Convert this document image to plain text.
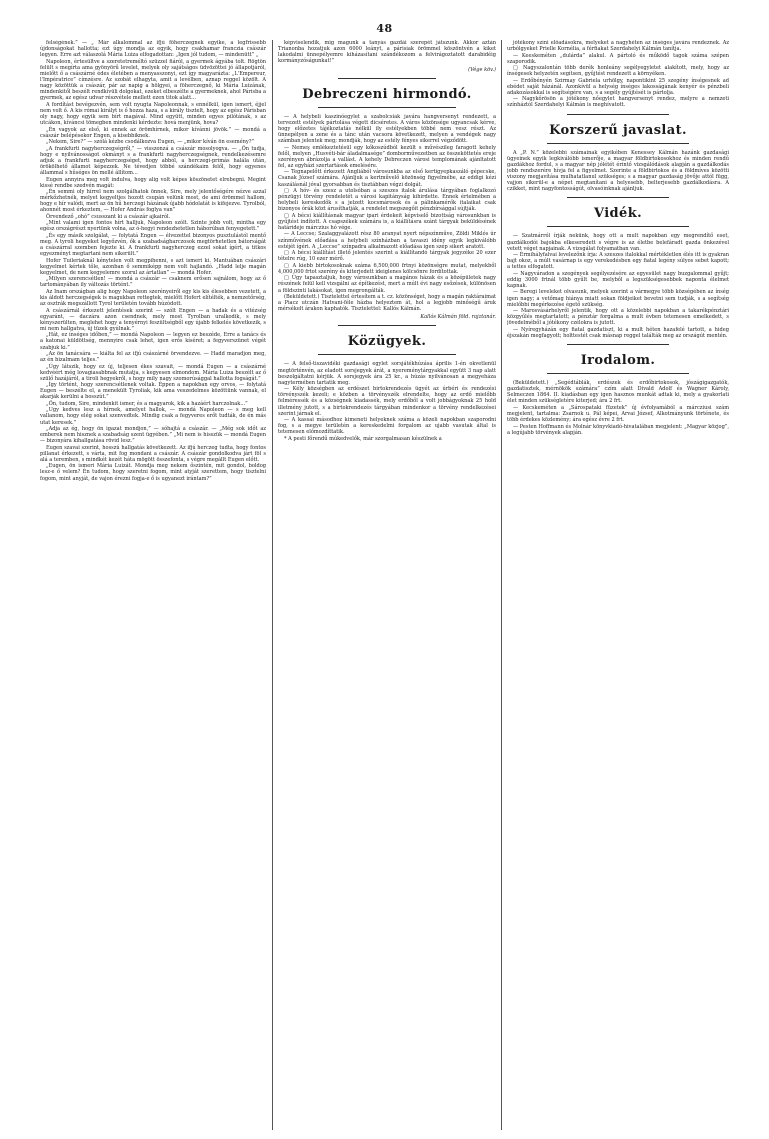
48

felségének.” — „ Már alkalommal az ifjú főherczegnek egyike, a legfrissebb újdonságokat hallotta; ezt úgy mondja az egyik, hogy csakhamar franczia császár legyen. Erre azt válaszolá Mária Luiza elfogadottan: „Igen jól tudom, — mindenütt” „

Napoleon, értesültve a szeretetreméltó szüzzel fiáról, a gyermek ágyába tolt. Rögtön felült s megírta ama gyönyörű levelet, melyek oly sajátságos üdvözöttei jó állapotjáról, mielőtt ő a császárné édes életében a menyasszonyi, ezt így magyarázta: „L'Empereur, l'Impératrice” címzésre. Az szobát elhagyta, amit a levélben, aznap reggel közölt. A nagy közöttük a császár, pár az napig a hölgyei, a föherczegnő, ki Mária Luizának, mindenkitől beszélt rendkívüli dolgokat, ezeket elbeszélte a gyermeknek, ahol Párisba a gyermek, az egész udvar részvétele mellett ezen titok alatt...

A fordítást bevégezvén, sem volt nyugta Napoleonnak, s ennélkül, igen ismert, éjjel nem volt ő. A kis római királyt is ő hozza haza, s a király tisztelt, hogy az egész Párisban oly nagy, hogy egyik sem bírt magával. Mind együtt, minden egyes pilótának, s az utcákon, kíváncsi tömegben mindenki kérdezte: hová menjünk, hova?

„Én vagyok az első, ki ennek az örömhírnek, mikor kívánni jövök.” — mondá a császár belépésekor Engen, a kisebbiknek.

„Nekem, Sire?” — szólá kézbe csodálkozva Eugen, — „mikor kíván ön esemény?”

„A frankfurti nagyherczegségről,” — visszonzá a császár mosolyogva. — „Ön tudja, hogy e nyilvánosságot okmányt s a frankfurti nagyherczegségnek, rendelkezésemre adjuk a frankfurti nagyherczegséget, hogy abból, a herczegi-primás halála után, örökölhető államot képezzek. Ne tévedjen többé szándékaim felől, hogy egyenes állammal s hűséges ön mellé állítom...

Eugen annyira meg volt indulva, hogy alig volt képes köszönetet elrebegni. Megint kissé rendbe szedvén magát:

„Én semmi oly hírrel nem szolgálhatok önnek, Sire, mely jelentőségére nézve azzal mérkőzhetnék, melyet kegyeltjes hozott csupán velünk most, de ami örömmel hallom, hogy e hír valódi, mert az ön hű herczegi házának újabb hódolatát is kifejezve. Tyrolból, ahonnét most érkeztem, — Hofer András foglya van”

Örvendező „ohó” csusszant ki a császár ajkairól.

„Mint valami igen fontos hírt halljuk, Napoleon szólt. Szinte jobb volt, mintha egy egész országrészt nyertünk volna, az ó-hegyi rendezhetetlen háborúban fenyegetett.”

„És egy másik szolgálat, — folytatá Engen — élvezettel bizonyos pusztulástól mentő meg. A tyroli hegyeket legyőzvén, ők a szabadságharczosok megtörhetetlen bátorságát a császárral szemben fejezte ki. A frankfurti nagyherczeg ezzel sokat ígért, a titkos egyezményt megtartani nem sikerült.”

Hofer Tuileriaknál kénytelen volt megpihenni, s azt ismeri ki. Mantuában császári kegyelmet kértek tőle, azonban ő semmiképp nem volt hajlandó. „Hadd lelje magán kegyelmet, de nem kegyelemre szorul az ártatlan” — mondá Hofer.

„Milyen szerencsétlen! — mondá a császár — csaknem erősen sajnálom, hogy az ő tartományában ily változás történt.”

Az Inam országban alig hogy Napoleon szerényeiről egy kis kis élesebben vezetett, a kis áldott herczegségek is magukban rettegtek, mielőtt Hofert elítélték, a nemzetőrség, az osztrák megszállott Tyrol területén tovább húzódott.

A császárnál érkezett jelentések szerint — szólt Engen — a hadak és a vitézség egyaránt, — daczára azon csendnek, mely most Tyrolban uralkodik, s mely kényszerülten, meglehet hogy a tenyérnyi feszültségből egy újabb felkelés következik, s mi nem hallgatva, új tüzek gyúlnak.”

„Hát, ez ínséges időben,” — mondá Napoleon — legyen ez beszéde, Erre a tanács és a katonai küldöttség, mennyire csak lehet, igen erős kíséret; a fegyverszünet végét szabjuk ki.”

„Az ön tanácsára — kiálta fel az ifjú császárné örvendezve. — Hadd maradjon meg, az én bizalmam teljes.”

„Úgy látszik, hogy ez új, teljesen ékes szavait, — mondá Eugen — a császárné kedvéért még lovagiasabbnak mutatja, s kegyesen elmondom. Mária Luiza beszélt az ő szülő hazájáról, a tiroli hegyekről, s hogy mily nagy szomorúsággal hallotta fogságát.”

„Így történt, hogy szerencsétlenek voltak. Éppen a napokban egy orvos, — folytatá Eugen — beszélte el, a menekült Tyroliak, kik ama veszedelmes közöttünk vannak, el akarják kerülni a bosszút.”

„Ön, tudom, Sire, mindenkit ismer, és a magyarok, kik a hazáért harczolnak...”

„Ugy kedves lesz a hírnek, amelyet hallok, — mondá Napoleon — s meg kell vallanom, hogy elég sokat szenvedtek. Mindig csak a fegyveres erőt tudták, de én más utat keresek.”

„Adja az ég, hogy ön igazat mondjon,” — sóhajtá a császár. — „Még sok időt az emberek nem hisznek a szabadság szent ügyében.” „Mi nem is hisszük — mondá Eugen — bizonyára kihallgatása rövid lesz.”

Eugen szavai szerint, hosszú hallgatás következett. Az ifjú herczeg tudta, hogy fontos pillanat érkezett, s várta, mit fog mondani a császár. A császár gondolkodva járt föl s alá a teremben, s mindkét kezét háta mögött összefonta, s végre megállt Eugen előtt.

„Eugen, ön ismeri Mária Luizát. Mondja meg nekem őszintén, mit gondol, boldog lesz-e ő velem? Én tudom, hogy szeretni fogom, mint atyját szerettem, hogy tisztelni fogom, mint anyját, de vajon érezni fogja-e ő is ugyanezt irántam?”

képviselendik, mig magunk a tanyás gazdái szerepét játszunk. Akkor aztán Trianonba hozatjuk azon 6000 leányt, a párisiak örömmel köszöntvén a kiket lakodalmi ünnepélyemre kiházasítani szándékozom a felvirágoztatott darabidéig kormányzóságunkat!”

(Vége köv.)
Debreczeni hirmondó.

— A helybeli kaszinóegylet a szabolcsiak javára hangversenyt rendezett, a tervezett estélyek pártolása végett dicséretes. A város közönsége ugyancsak kérve, hogy előzetes tájékoztatás nélkül ily estélyekben többé nem vesz részt. Az ünnepélyen a zene és a tánc után vacsora következett, melyen a vendégek nagy számban jelentek meg; mondják, hogy az estély fényes sikerrel végződött.

— Nemeş emlékeztetésül egy kőkoszúdból kezült s művészileg faragott kehely felől, melyen „Husvéti-bár áladalmasége” domborművezetben az összeköttetés ereje szerényen ábrázolja a vallást. A kehely Debreczen városi templomának ajánltatott fel, az egyházi szertartások emelésére.

— Tegnapelőtt érkezett Angliából városunkba az első kertigyepkaszáló gépecske, Csanak József számára. Ajánljuk a kertművelő közönség figyelmébe, az eddigi kézi kaszálásnál jóval gyorsabban és tisztábban végzi dolgát.

□ A hóv- és szesz a utolsóban a szeszes italok árulása tárgyában foglalkozó pénzügyi törvény rendeletét a városi kapitányság kihirdette. Ennek értelmében a helybeli kereskedők s a jelzett kocsmárosok és a pálinkamérők italaikat csak bizonyos órák közt árusíthatják, a rendelet megszegőit pénzbírsággal sújtják.

□ A bécsi kiállításnak magyar ipari érdekeit képviselő bizottság városunkban is gyűjtést indított. A csapszékek számára is, a kiállításra szánt tárgyak beküldésének határideje márczius hó vége.

— A Leccse; Szalaggyalázott rész 80 aranyat nyert népszínműve, Zöldi Miklós úr színművének előadása a helybeli színházban a tavaszi idény egyik legkiválóbb estéjét ígéri. A „Leccse” színpadra alkalmazott előadása igen szép sikert aratott.

□ A bécsi kiállítást illető jelentés szerint a kiállítandó tárgyak jegyzéke 20 ezer tételre rúg, 10 ezer mérő.

□ A kiebb birtokosoknak száma 6,500,000 frtnyi közönségre mutat, melyekből 4,000,000 frtot szerény és kiterjedett ideiglenes kölcsönre fordítottak.

□ Úgy tapasztaljuk, hogy városunkban a magános házak és a középületek nagy részének felül kell vizsgálni az építkezést, mert a múlt évi nagy esőzések, különösen a földszinti lakásokat, igen megrongálták.

(Beküldetett.) Tisztelettel értesítem a t. cz. közönséget, hogy a magán raktáraimat a Piacz utczán Hatvani-féle házba helyeztem át, hol a legjobb minőségű áruk mérsékelt árakon kaphatók. Tisztelettel: Kallós Kálmán.

Kallós Kálmán föld. rajztanár.
Közügyek.

— A felső-tiszavidéki gazdasági egylet sorsjátékhúzása április 1-én okvetlenül megtörténvén, az eladott sorsjegyek árát, a nyereménytárgyakkal együtt 3 nap alatt beszolgáltatni kérjük. A sorsjegyek ára 25 kr., a húzás nyilvánosan a megyeháza nagytermében tartatik meg.

— Kély községben az erdészet birtokrendezés ügyét az úrbéri és rendezési törvényszék kezeli; e közben a törvényszék elrendelte, hogy az erdő mielőbb felméressék és a községnek kiadassék, mely erdőből a volt jobbágyoknak 25 hold illetmény jutott, s a birtokrendezés tárgyában mindenkor a törvény rendelkezései szerint járnak el.

— A kassai másodhoz kimeneti helyeknek száma a közeli napokban szaporodni fog, s a megye területén a kereskedelmi forgalom az ujabb vasutak által is tetemesen előmozdíttatik.

* A pesti főrendű múkedvelők, már szorgalmasan készülnek a

jótékony színi előadásokra, melyeket a nagyhéten az ínséges javára rendeznek. Az urbólgyeket Prielle Kornélia, a férfiakat Szerdahelyi Kálmán tanítja.

— Keeskeméten „dulárda” alakul. A pártoló és működő tagok száma szépen szaporodik.

□ Nagyszalontán több derék honleány segélyegyletet alakított, mely, hogy az ínségesek helyzetén segítsen, gyűjtést rendezett a környéken.

— Erdőbényén Szirmay Gabriela urhölgy, napontikint 25 szegény ínségesnek ad ebédet saját házánál. Azonkívül a helység ínséges lakosságának kenyér és pénzbeli adakozásokkal is segítségére van, s a segély gyűjtését is pártolja.

— Nagykőrösön a jótékony nőegylet hangversenyt rendez, melyre a nemzeti színháztól Szerdahelyi Kálmán is meghívatott.

Korszerű javaslat.

A „P. N.” közelebbi számainak egyikében Kenessey Kálmán hazánk gazdasági ügyeinek egyik legkiválóbb ismerője, a magyar földbirtokosokhoz és minden rendű gazdákhoz fordul, s a magyar nép jólétét érintő vizsgálódások alapján a gazdálkodás jobb rendszerére hívja fel a figyelmet. Szerinte a földbirtokos és a földmíves közötti viszony megjavítása mulhatatlanul szükséges; s a magyar gazdaság jövője attól függ, vajjon sikerül-e a népet megtanítani a helyesebb, belterjesebb gazdálkodásra. A czikket, mint nagyfontosságút, olvasóinknak ajánljuk.

Vidék.

— Szatmárról írják nekünk, hogy ott a mult napokban egy megrendítő eset, gazdálkodói bajokba elkeseredett s végre is az életbe belefáradt gazda önkezével vetett véget napjainak. A vizsgálat folyamatban van.

— Érmihályfalvai levelezőnk írja: A szeszes italokkal mértékletlen élés itt is gyakran bajt okoz, a múlt vasárnap is egy verekedésben egy fiatal legény súlyos sebet kapott; a tettes elfogatott.

— Nagyváradon a szegények segélyezésére az egyesület nagy buzgalommal gyűjt; eddig 3000 frtnál több gyűlt be, melyből a legszükségesebbek naponta élelmet kapnak.

— Beregi leveleket olvasunk, melyek szerint a vármegye több községében az ínség igen nagy; a vetőmag hiánya miatt sokan földjeiket bevetni sem tudják, s a segítség mielőbbi megérkezése égető szükség.

— Marosvásárhelyről jelentik, hogy ott a közelebbi napokban a takarékpénztári közgyűlés megtartatott; a pénztár forgalma a mult évben tetemesen emelkedett, s jövedelméből a jótékony czélokra is jutott.

— Nyíregyházán egy fiatal gazdatiszt, ki a mult héten hazafelé tartott, a hideg éjszakán megfagyott; holttestét csak másnap reggel találták meg az országút mentén.

Irodalom.

(Beküldetett.) „Segédtáblák, erdészek és erdőbirtokosok, jószágigazgatók, gazdatisztek, mérnökök számára” czím alatt Divald Adolf és Wagner Károly, Selmeczen 1864. II. kiadásban egy igen hasznos munkát adtak ki, mely a gyakorlati élet minden szükségletére kiterjed; ára 2 frt.

— Kecskeméten a „Sárospataki füzetek” új évfolyamából a márcziusi szám megjelent, tartalma: Zsarnok u. Pál képei, Arvai József, Alkotmányunk története, és több érdekes közlemény; ára egész évre 2 frt.

— Pesten Hoffmann és Molnár könyvkiadó-hivatalában megjelent: „Magyar közjog”, a legújabb törvények alapján.
